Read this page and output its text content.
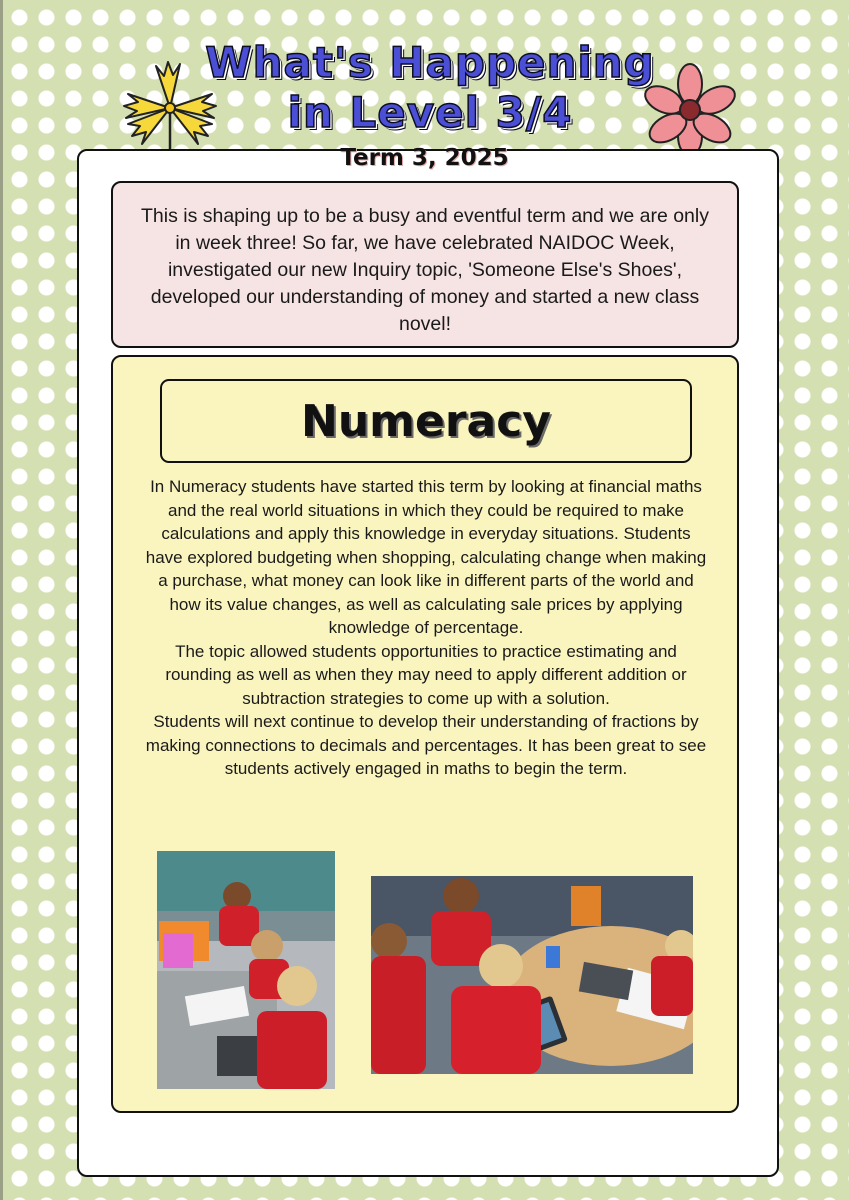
What's Happening
in Level 3/4
Term 3, 2025
This is shaping up to be a busy and eventful term and we are only in week three! So far, we have celebrated NAIDOC Week, investigated our new Inquiry topic, 'Someone Else's Shoes', developed our understanding of money and started a new class novel!
Numeracy

In Numeracy students have started this term by looking at financial maths and the real world situations in which they could be required to make calculations and apply this knowledge in everyday situations. Students have explored budgeting when shopping, calculating change when making a purchase, what money can look like in different parts of the world and how its value changes, as well as calculating sale prices by applying knowledge of percentage.

The topic allowed students opportunities to practice estimating and rounding as well as when they may need to apply different addition or subtraction strategies to come up with a solution.

Students will next continue to develop their understanding of fractions by making connections to decimals and percentages. It has been great to see students actively engaged in maths to begin the term.
